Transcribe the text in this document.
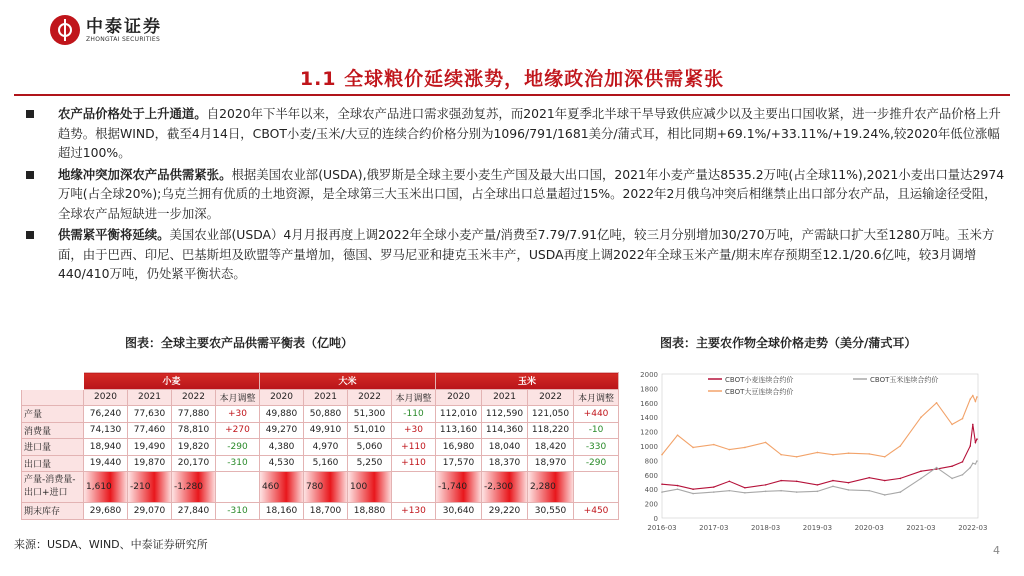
中泰证券
ZHONGTAI SECURITIES
1.1 全球粮价延续涨势，地缘政治加深供需紧张
农产品价格处于上升通道。自2020年下半年以来，全球农产品进口需求强劲复苏，而2021年夏季北半球干旱导致供应减少以及主要出口国收紧，进一步推升农产品价格上升趋势。根据WIND，截至4月14日，CBOT小麦/玉米/大豆的连续合约价格分别为1096/791/1681美分/蒲式耳，相比同期+69.1%/+33.11%/+19.24%,较2020年低位涨幅超过100%。
地缘冲突加深农产品供需紧张。根据美国农业部(USDA),俄罗斯是全球主要小麦生产国及最大出口国，2021年小麦产量达8535.2万吨(占全球11%),2021小麦出口量达2974万吨(占全球20%);乌克兰拥有优质的土地资源，是全球第三大玉米出口国，占全球出口总量超过15%。2022年2月俄乌冲突后相继禁止出口部分农产品，且运输途径受阻，全球农产品短缺进一步加深。
供需紧平衡将延续。美国农业部(USDA）4月月报再度上调2022年全球小麦产量/消费至7.79/7.91亿吨，较三月分别增加30/270万吨，产需缺口扩大至1280万吨。玉米方面，由于巴西、印尼、巴基斯坦及欧盟等产量增加，德国、罗马尼亚和捷克玉米丰产，USDA再度上调2022年全球玉米产量/期末库存预期至12.1/20.6亿吨，较3月调增440/410万吨，仍处紧平衡状态。
图表：全球主要农产品供需平衡表（亿吨）	图表：主要农作物全球价格走势（美分/蒲式耳）
	小麦				大米				玉米			
	2020	2021	2022	本月调整	2020	2021	2022	本月调整	2020	2021	2022	本月调整
产量	76,240	77,630	77,880	+30	49,880	50,880	51,300	-110	112,010	112,590	121,050	+440
消费量	74,130	77,460	78,810	+270	49,270	49,910	51,010	+30	113,160	114,360	118,220	-10
进口量	18,940	19,490	19,820	-290	4,380	4,970	5,060	+110	16,980	18,040	18,420	-330
出口量	19,440	19,870	20,170	-310	4,530	5,160	5,250	+110	17,570	18,370	18,970	-290
产量-消费量-出口+进口	1,610	-210	-1,280		460	780	100		-1,740	-2,300	2,280	
期末库存	29,680	29,070	27,840	-310	18,160	18,700	18,880	+130	30,640	29,220	30,550	+450
0
200
400
600
800
1000
1200
1400
1600
1800
2000
2016-03	2017-03	2018-03	2019-03	2020-03	2021-03	2022-03
CBOT小麦连续合约价	CBOT玉米连续合约价
CBOT大豆连续合约价
来源：USDA、WIND、中泰证券研究所	4
